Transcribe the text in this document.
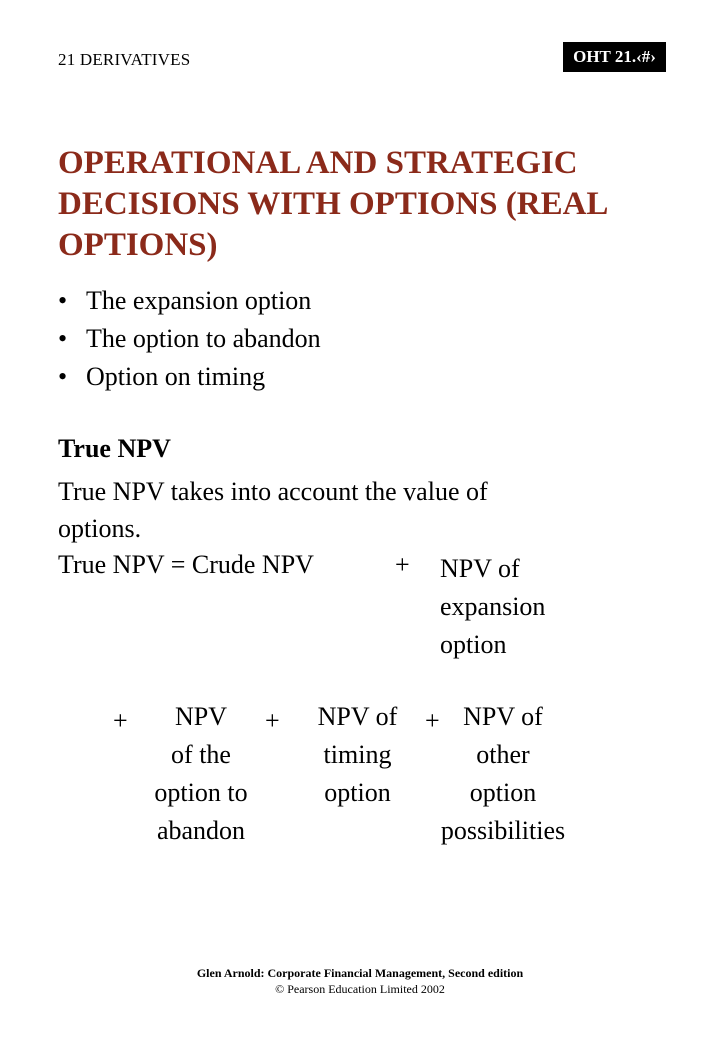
21 DERIVATIVES	OHT 21.‹#›
OPERATIONAL AND STRATEGIC
DECISIONS WITH OPTIONS (REAL
OPTIONS)
• The expansion option
• The option to abandon
• Option on timing
True NPV
True NPV takes into account the value of
options.
True NPV = Crude NPV	+ NPV of
expansion
option
+	NPV
of the
option to
abandon
+	NPV of
timing
option
+ NPV of
other
option
possibilities
Glen Arnold: Corporate Financial Management, Second edition
© Pearson Education Limited 2002
